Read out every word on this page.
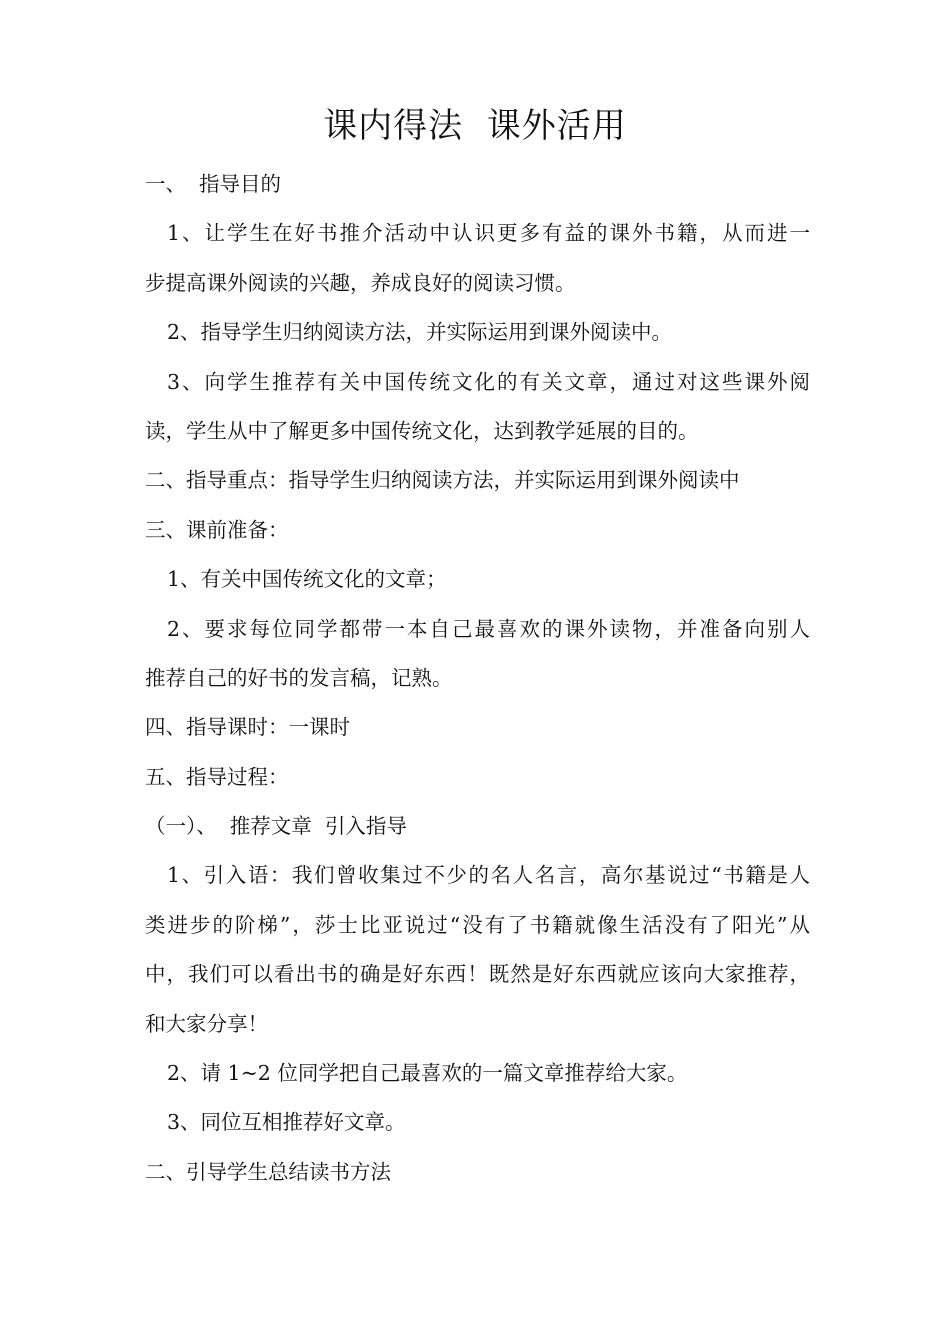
课内得法  课外活用
一、  指导目的
1、让学生在好书推介活动中认识更多有益的课外书籍，从而进一
步提高课外阅读的兴趣，养成良好的阅读习惯。
2、指导学生归纳阅读方法，并实际运用到课外阅读中。
3、向学生推荐有关中国传统文化的有关文章，通过对这些课外阅
读，学生从中了解更多中国传统文化，达到教学延展的目的。
二、指导重点：指导学生归纳阅读方法，并实际运用到课外阅读中
三、课前准备：
1、有关中国传统文化的文章；
2、要求每位同学都带一本自己最喜欢的课外读物，并准备向别人
推荐自己的好书的发言稿，记熟。
四、指导课时：一课时
五、指导过程：
（一）、  推荐文章  引入指导
1、引入语：我们曾收集过不少的名人名言，高尔基说过“书籍是人
类进步的阶梯”，莎士比亚说过“没有了书籍就像生活没有了阳光”从
中，我们可以看出书的确是好东西！既然是好东西就应该向大家推荐，
和大家分享！
2、请 1~2 位同学把自己最喜欢的一篇文章推荐给大家。
3、同位互相推荐好文章。
二、引导学生总结读书方法
